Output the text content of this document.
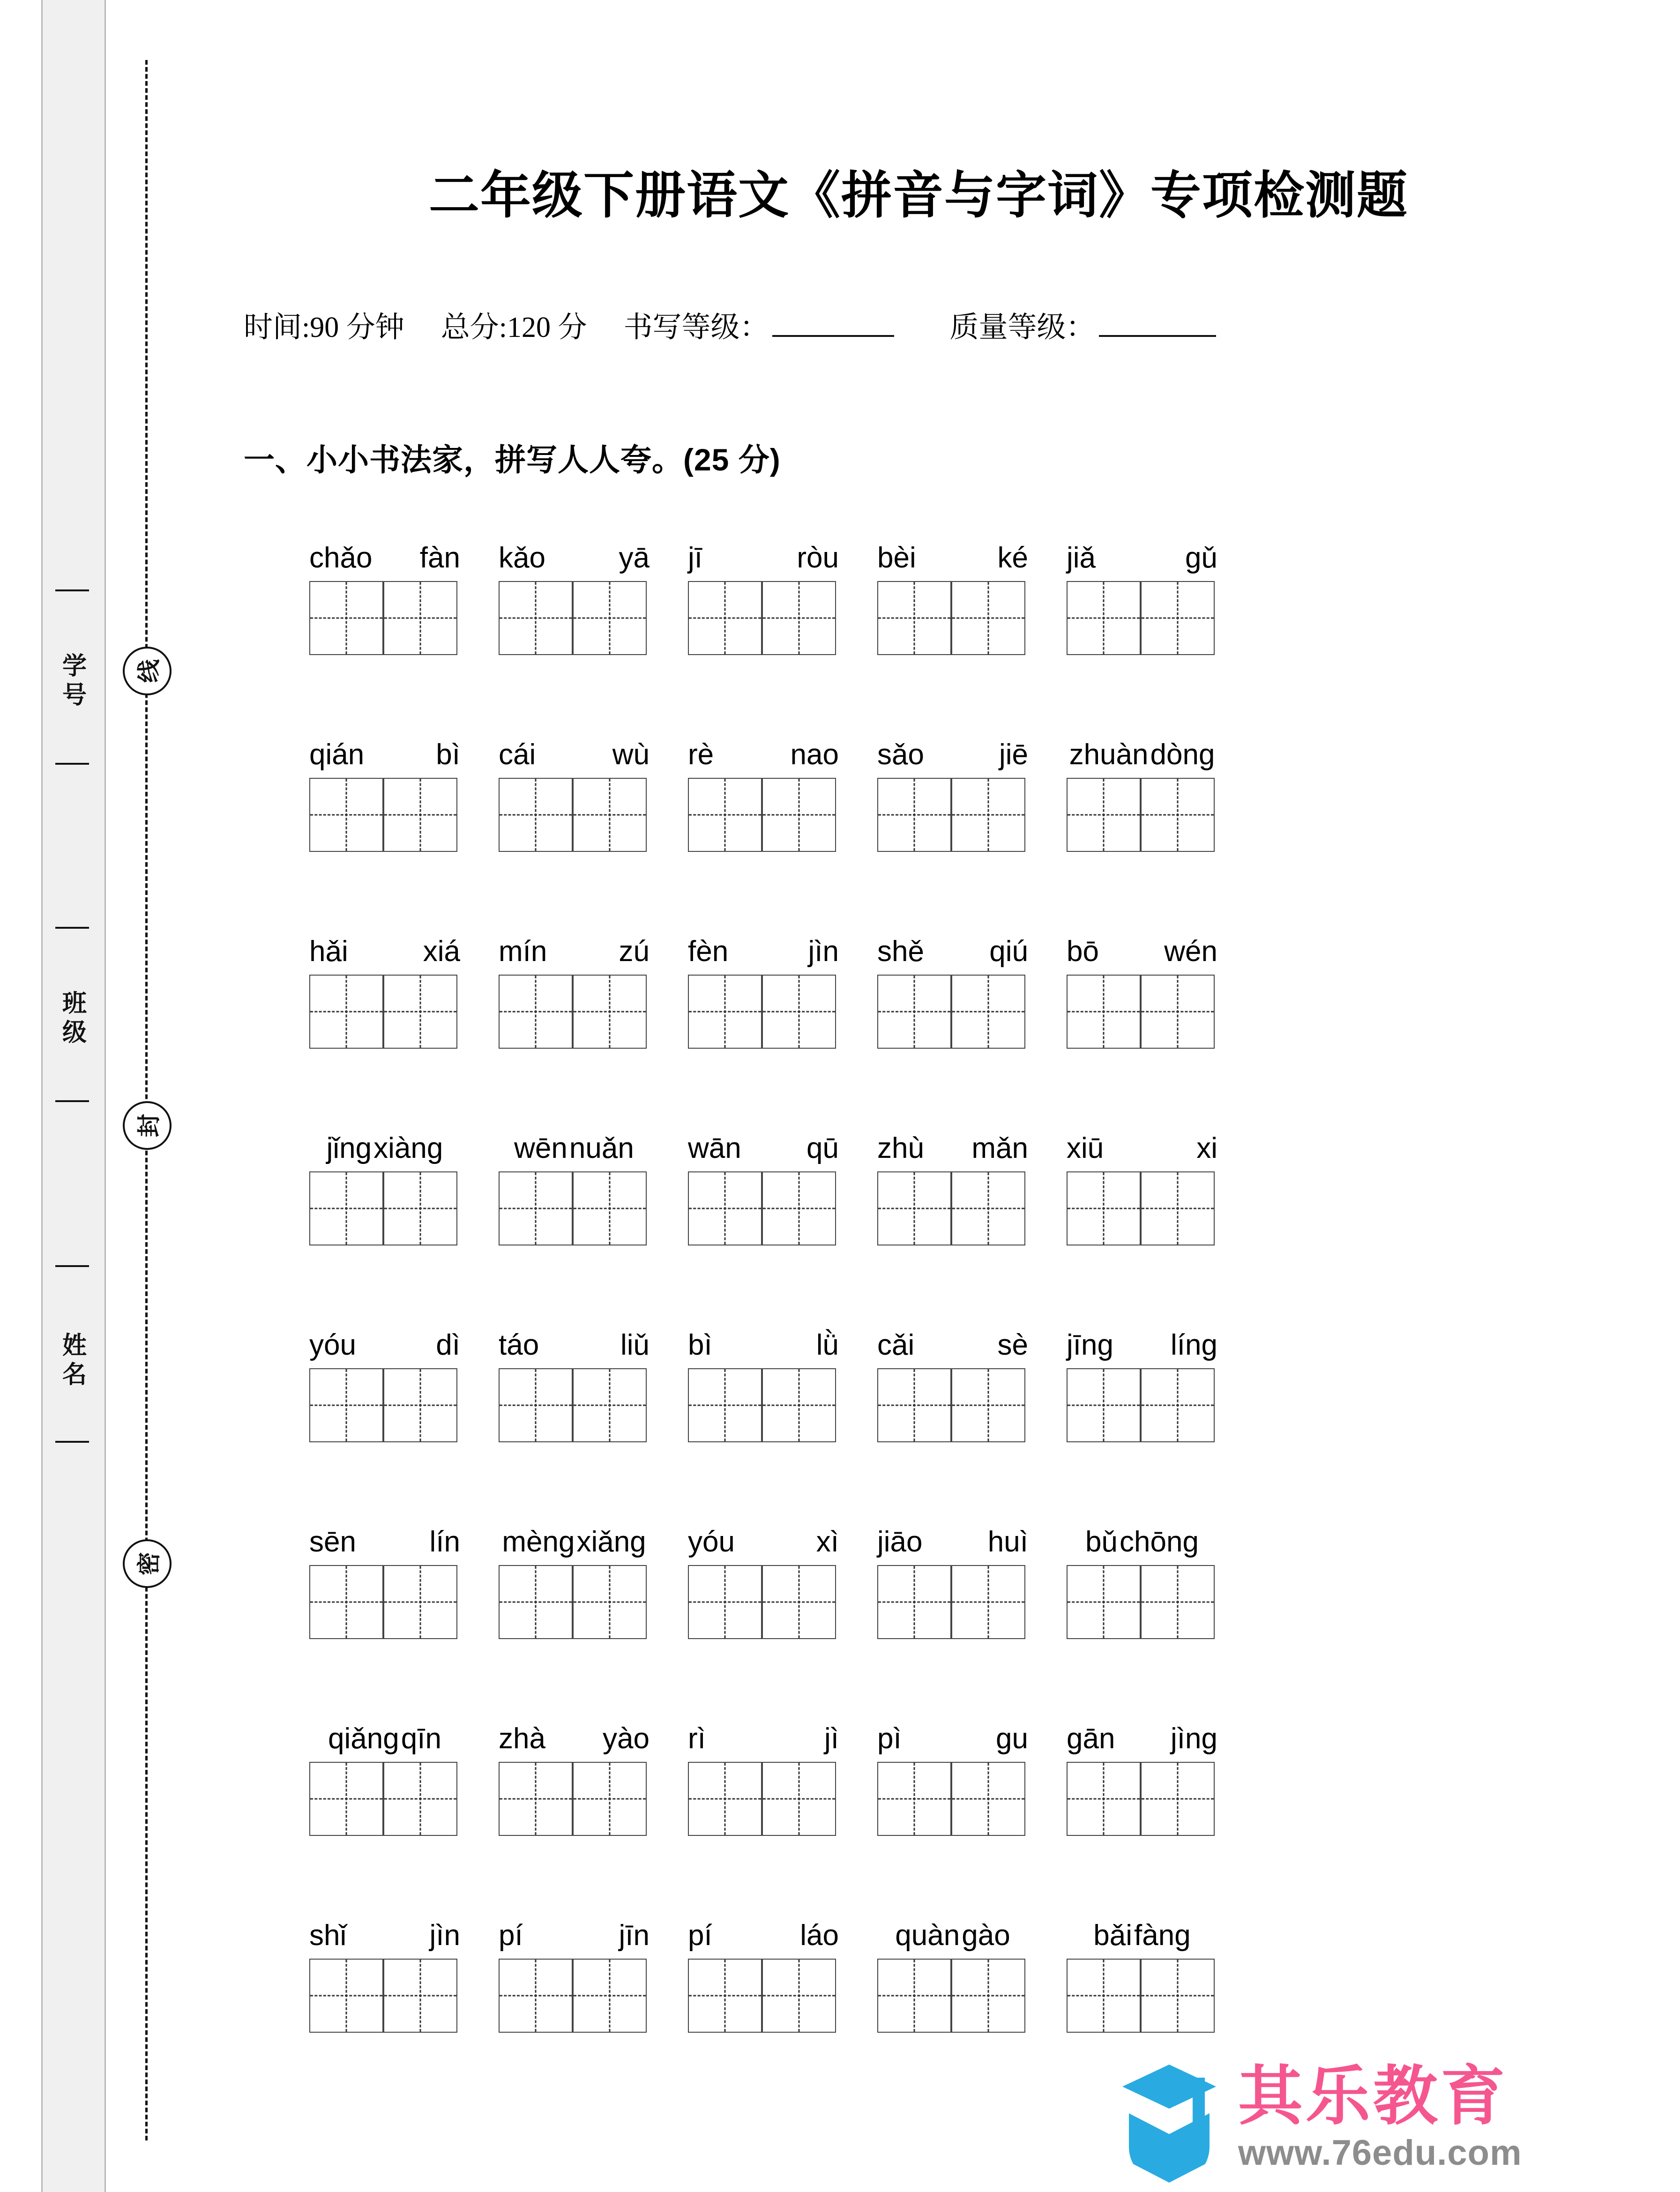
学号
班级
姓名
线
封
密
二年级下册语文《拼音与字词》专项检测题
时间:90 分钟 总分:120 分 书写等级：	质量等级：
一、小小书法家，拼写人人夸。(25 分)
chǎo fàn kǎo	yā jī	ròu bèi	ké jiǎ	gǔ
qián bì cái	wù rè	nao sǎo	jiē zhuàn dòng
hǎi	xiá mín zú fèn	jìn shě qiú bō wén
jǐng xiàng wēn nuǎn wān qū zhù mǎn xiū	xi
yóu	dì táo	liǔ bì	lǜ cǎi	sè jīng líng
sēn	lín mèng xiǎng yóu	xì jiāo huì bǔ chōng
qiǎng qīn zhà yào rì	jì pì	gu gān jìng
shǐ	jìn pí	jīn pí	láo quàn gào	bǎi fàng
其乐教育
www.76edu.com
